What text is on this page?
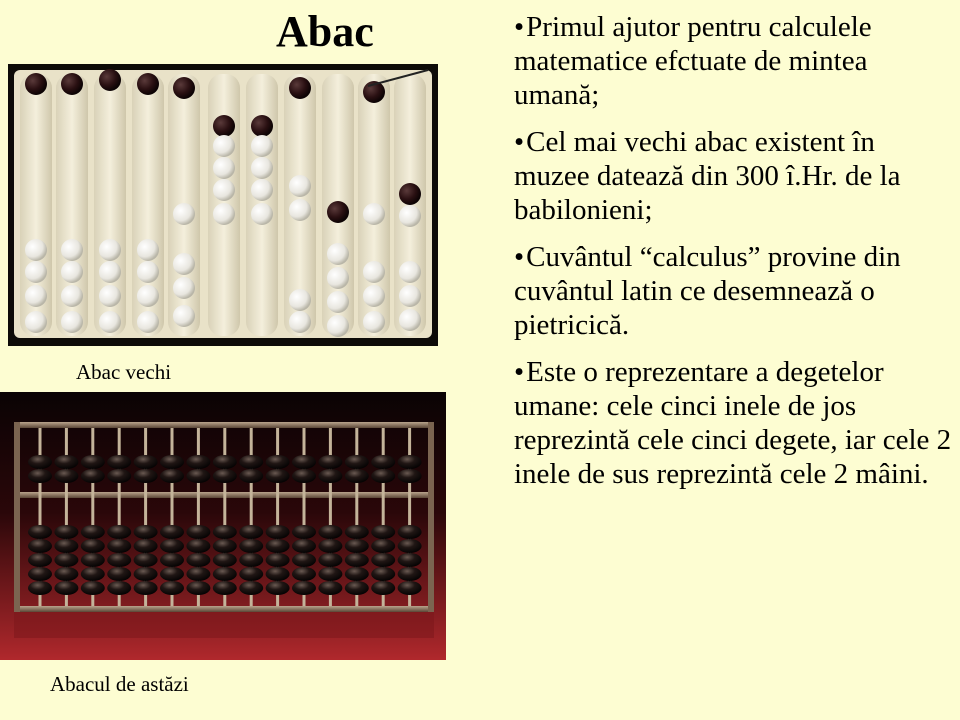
Abac	•Primul ajutor pentru calculele matematice efctuate de mintea umană;
•Cel mai vechi abac existent în muzee datează din 300 î.Hr. de la babilonieni;
•Cuvântul “calculus” provine din cuvântul latin ce desemnează o pietricică.
•Este o reprezentare a degetelor umane: cele cinci inele de jos reprezintă cele cinci degete, iar cele 2 inele de sus reprezintă cele 2 mâini.
Abac vechi
Abacul de astăzi
